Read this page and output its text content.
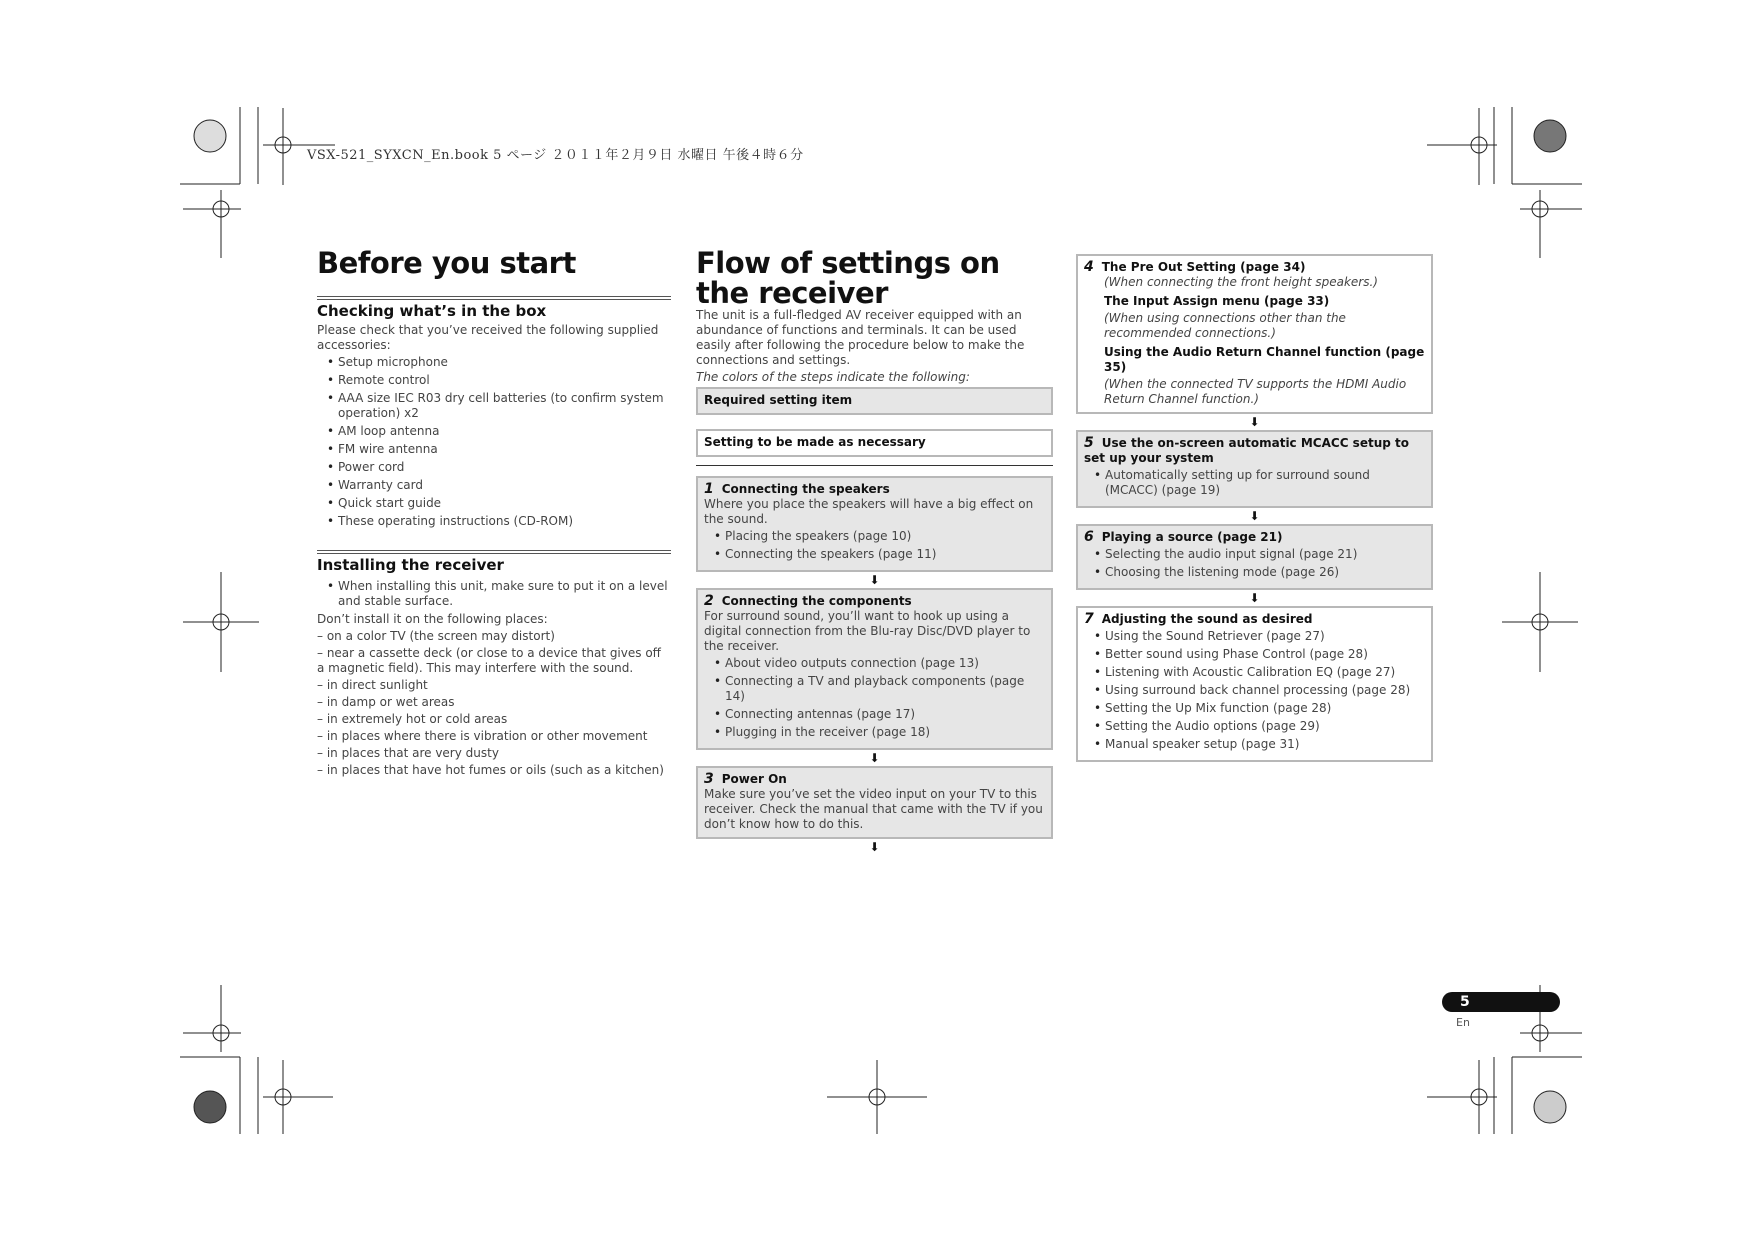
VSX-521_SYXCN_En.book 5 ページ ２０１１年２月９日 水曜日 午後４時６分
Before you start
Checking what’s in the box
Please check that you’ve received the following supplied accessories:
• Setup microphone
• Remote control
• AAA size IEC R03 dry cell batteries (to confirm system operation) x2
• AM loop antenna
• FM wire antenna
• Power cord
• Warranty card
• Quick start guide
• These operating instructions (CD-ROM)
Installing the receiver
• When installing this unit, make sure to put it on a level and stable surface.
Don’t install it on the following places:
– on a color TV (the screen may distort)
– near a cassette deck (or close to a device that gives off a magnetic field). This may interfere with the sound.
– in direct sunlight
– in damp or wet areas
– in extremely hot or cold areas
– in places where there is vibration or other movement
– in places that are very dusty
– in places that have hot fumes or oils (such as a kitchen)
Flow of settings on the receiver
The unit is a full-fledged AV receiver equipped with an abundance of functions and terminals. It can be used easily after following the procedure below to make the connections and settings.
The colors of the steps indicate the following:
Required setting item
Setting to be made as necessary
1 Connecting the speakers
Where you place the speakers will have a big effect on the sound.
• Placing the speakers (page 10)
• Connecting the speakers (page 11)
⬇
2 Connecting the components
For surround sound, you’ll want to hook up using a digital connection from the Blu-ray Disc/DVD player to the receiver.
• About video outputs connection (page 13)
• Connecting a TV and playback components (page 14)
• Connecting antennas (page 17)
• Plugging in the receiver (page 18)
⬇
3 Power On
Make sure you’ve set the video input on your TV to this receiver. Check the manual that came with the TV if you don’t know how to do this.
⬇
4 The Pre Out Setting (page 34)
(When connecting the front height speakers.)
The Input Assign menu (page 33)
(When using connections other than the recommended connections.)
Using the Audio Return Channel function (page 35)
(When the connected TV supports the HDMI Audio Return Channel function.)
⬇
5 Use the on-screen automatic MCACC setup to set up your system
• Automatically setting up for surround sound (MCACC) (page 19)
⬇
6 Playing a source (page 21)
• Selecting the audio input signal (page 21)
• Choosing the listening mode (page 26)
⬇
7 Adjusting the sound as desired
• Using the Sound Retriever (page 27)
• Better sound using Phase Control (page 28)
• Listening with Acoustic Calibration EQ (page 27)
• Using surround back channel processing (page 28)
• Setting the Up Mix function (page 28)
• Setting the Audio options (page 29)
• Manual speaker setup (page 31)
5
En
